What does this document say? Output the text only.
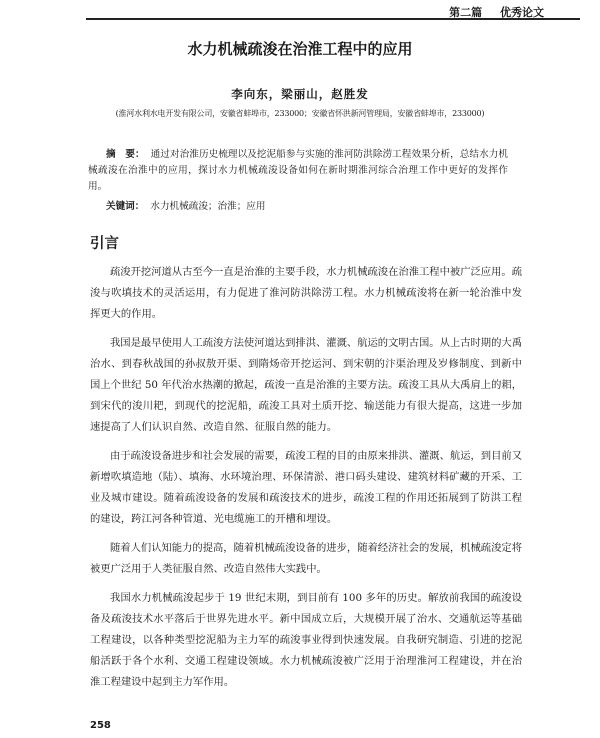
第二篇 优秀论文
水力机械疏浚在治淮工程中的应用
李向东，梁丽山，赵胜发
(淮河水利水电开发有限公司，安徽省蚌埠市，233000；安徽省怀洪新河管理局，安徽省蚌埠市，233000)
摘　要： 通过对治淮历史梳理以及挖泥船参与实施的淮河防洪除涝工程效果分析，总结水力机械疏浚在治淮中的应用，探讨水力机械疏浚设备如何在新时期淮河综合治理工作中更好的发挥作用。
关键词： 水力机械疏浚；治淮；应用
引言

疏浚开挖河道从古至今一直是治淮的主要手段，水力机械疏浚在治淮工程中被广泛应用。疏浚与吹填技术的灵活运用，有力促进了淮河防洪除涝工程。水力机械疏浚将在新一轮治淮中发挥更大的作用。

我国是最早使用人工疏浚方法使河道达到排洪、灌溉、航运的文明古国。从上古时期的大禹治水、到春秋战国的孙叔敖开渠、到隋炀帝开挖运河、到宋朝的汴渠治理及岁修制度、到新中国上个世纪 50 年代治水热潮的掀起，疏浚一直是治淮的主要方法。疏浚工具从大禹肩上的耜，到宋代的浚川耙，到现代的挖泥船，疏浚工具对土质开挖、输送能力有很大提高，这进一步加速提高了人们认识自然、改造自然、征服自然的能力。

由于疏浚设备进步和社会发展的需要，疏浚工程的目的由原来排洪、灌溉、航运，到目前又新增吹填造地（陆）、填海、水环境治理、环保清淤、港口码头建设、建筑材料矿藏的开采、工业及城市建设。随着疏浚设备的发展和疏浚技术的进步，疏浚工程的作用还拓展到了防洪工程的建设，跨江河各种管道、光电缆施工的开槽和埋设。

随着人们认知能力的提高，随着机械疏浚设备的进步，随着经济社会的发展，机械疏浚定将被更广泛用于人类征服自然、改造自然伟大实践中。

我国水力机械疏浚起步于 19 世纪末期，到目前有 100 多年的历史。解放前我国的疏浚设备及疏浚技术水平落后于世界先进水平。新中国成立后，大规模开展了治水、交通航运等基础工程建设，以各种类型挖泥船为主力军的疏浚事业得到快速发展。自我研究制造、引进的挖泥船活跃于各个水利、交通工程建设领域。水力机械疏浚被广泛用于治理淮河工程建设，并在治淮工程建设中起到主力军作用。

258
